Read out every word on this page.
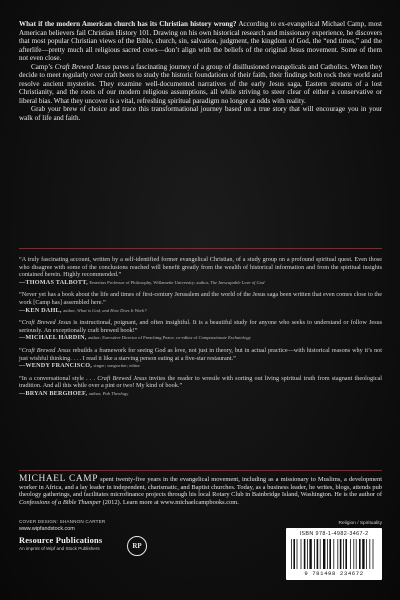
What if the modern American church has its Christian history wrong? According to ex-evangelical Michael Camp, most American believers fail Christian History 101. Drawing on his own historical research and missionary experience, he discovers that most popular Christian views of the Bible, church, sin, salvation, judgment, the kingdom of God, the “end times,” and the afterlife—pretty much all religious sacred cows—don’t align with the beliefs of the original Jesus movement. Some of them not even close.

Camp’s Craft Brewed Jesus paves a fascinating journey of a group of disillusioned evangelicals and Catholics. When they decide to meet regularly over craft beers to study the historic foundations of their faith, their findings both rock their world and resolve ancient mysteries. They examine well-documented narratives of the early Jesus saga, Eastern streams of a lost Christianity, and the roots of our modern religious assumptions, all while striving to steer clear of either a conservative or liberal bias. What they uncover is a vital, refreshing spiritual paradigm no longer at odds with reality.

Grab your brew of choice and trace this transformational journey based on a true story that will encourage you in your walk of life and faith.

“A truly fascinating account, written by a self-identified former evangelical Christian, of a study group on a profound spiritual quest. Even those who disagree with some of the conclusions reached will benefit greatly from the wealth of historical information and from the spiritual insights contained herein. Highly recommended.”

—THOMAS TALBOTT, Emeritus Professor of Philosophy, Willamette University; author, The Inescapable Love of God

“Never yet has a book about the life and times of first-century Jerusalem and the world of the Jesus saga been written that even comes close to the work [Camp has] assembled here.”

—KEN DAHL, author, What is God, and How Does It Work?

“Craft Brewed Jesus is instructional, poignant, and often insightful. It is a beautiful study for anyone who seeks to understand or follow Jesus seriously. An exceptionally craft brewed book!”

—MICHAEL HARDIN, author; Executive Director of Preaching Peace; co-editor of Compassionate Eschatology

“Craft Brewed Jesus rebuilds a framework for seeing God as love, not just in theory, but in actual practice—with historical reasons why it’s not just wishful thinking. . . . I read it like a starving person eating at a five-star restaurant.”

—WENDY FRANCISCO, singer; songwriter; editor

“In a conversational style . . . Craft Brewed Jesus invites the reader to wrestle with sorting out living spiritual truth from stagnant theological tradition. And all this while over a pint or two! My kind of book.”

—BRYAN BERGHOEF, author, Pub Theology

MICHAEL CAMP spent twenty-five years in the evangelical movement, including as a missionary to Muslims, a development worker in Africa, and a lay leader in independent, charismatic, and Baptist churches. Today, as a business leader, he writes, blogs, attends pub theology gatherings, and facilitates microfinance projects through his local Rotary Club in Bainbridge Island, Washington. He is the author of Confessions of a Bible Thumper (2012). Learn more at www.michaelcampbooks.com.
COVER DESIGN: SHANNON CARTER
www.wipfandstock.com
Resource Publications
An imprint of Wipf and Stock Publishers	RP
Religion / Spirituality
ISBN 978-1-4982-3467-2
9 781498 234672
